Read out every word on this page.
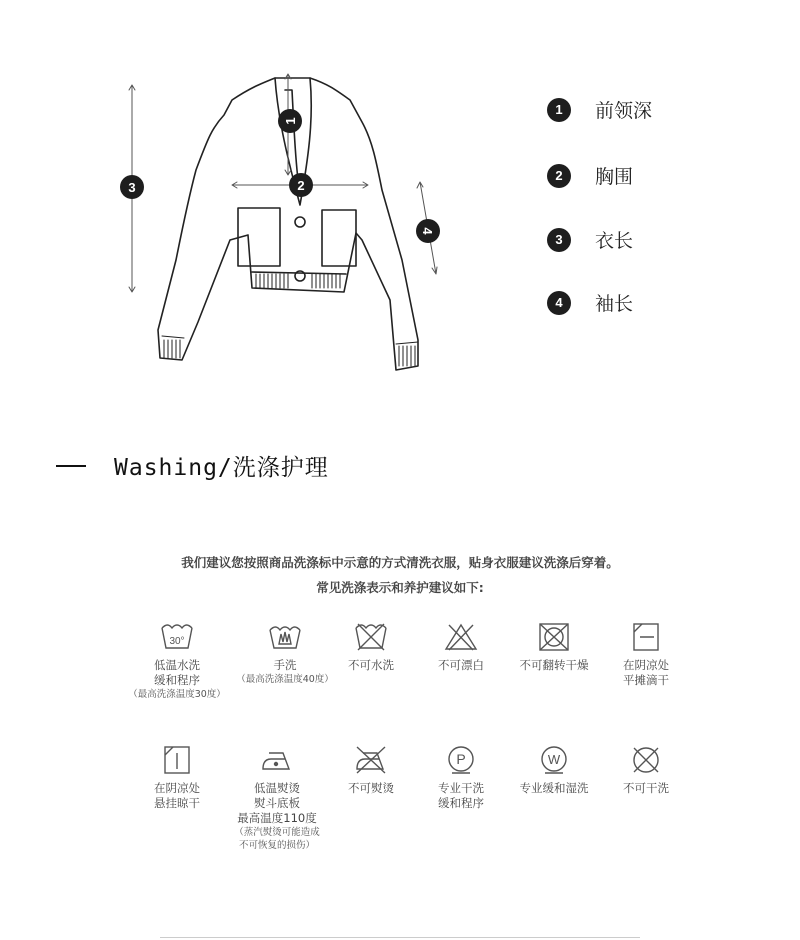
1
2
3
4
1	前领深
2	胸围
3	衣长
4	袖长
Washing/洗涤护理
我们建议您按照商品洗涤标中示意的方式清洗衣服，贴身衣服建议洗涤后穿着。
常见洗涤表示和养护建议如下:
30°
低温水洗
缓和程序
（最高洗涤温度30度）
手洗
（最高洗涤温度40度）
不可水洗	不可漂白	不可翻转干燥	在阴凉处
平摊滴干
在阴凉处
悬挂晾干
低温熨烫
熨斗底板
最高温度110度
（蒸汽熨烫可能造成
不可恢复的损伤）
不可熨烫
P
专业干洗
缓和程序
W
专业缓和湿洗	不可干洗
